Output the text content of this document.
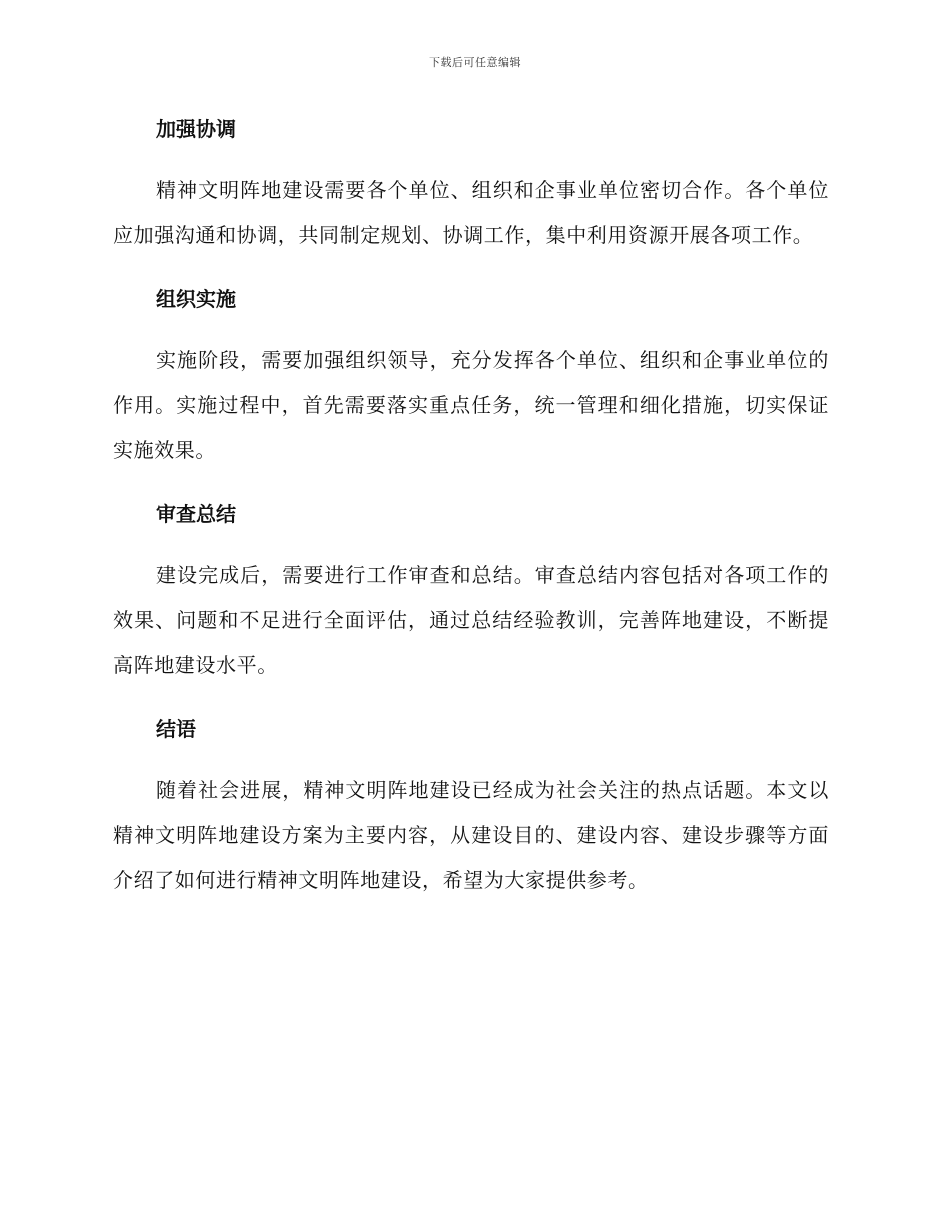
下载后可任意编辑
加强协调

精神文明阵地建设需要各个单位、组织和企事业单位密切合作。各个单位应加强沟通和协调，共同制定规划、协调工作，集中利用资源开展各项工作。

组织实施

实施阶段，需要加强组织领导，充分发挥各个单位、组织和企事业单位的作用。实施过程中，首先需要落实重点任务，统一管理和细化措施，切实保证实施效果。

审查总结

建设完成后，需要进行工作审查和总结。审查总结内容包括对各项工作的效果、问题和不足进行全面评估，通过总结经验教训，完善阵地建设，不断提高阵地建设水平。

结语

随着社会进展，精神文明阵地建设已经成为社会关注的热点话题。本文以精神文明阵地建设方案为主要内容，从建设目的、建设内容、建设步骤等方面介绍了如何进行精神文明阵地建设，希望为大家提供参考。
